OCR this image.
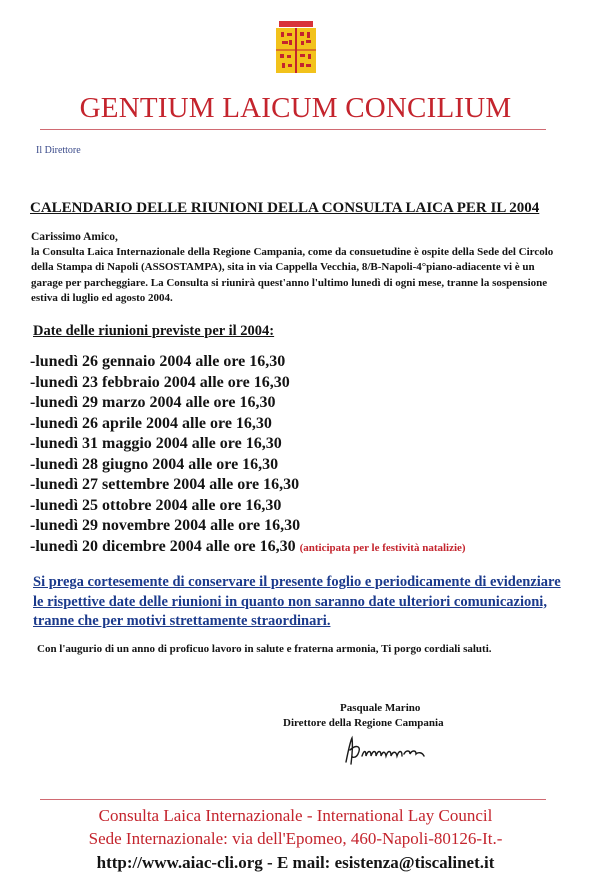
GENTIUM LAICUM CONCILIUM
Il Direttore
CALENDARIO DELLE RIUNIONI DELLA CONSULTA LAICA PER IL 2004
Carissimo Amico,
la Consulta Laica Internazionale della Regione Campania, come da consuetudine è ospite della Sede del Circolo della Stampa di Napoli (ASSOSTAMPA), sita in via Cappella Vecchia, 8/B-Napoli-4°piano-adiacente vi è un garage per parcheggiare. La Consulta si riunirà quest'anno l'ultimo lunedì di ogni mese, tranne la sospensione estiva di luglio ed agosto 2004.
Date delle riunioni previste per il 2004:
-lunedì 26 gennaio 2004 alle ore 16,30
-lunedì 23 febbraio 2004 alle ore 16,30
-lunedì 29 marzo 2004 alle ore 16,30
-lunedì 26 aprile 2004 alle ore 16,30
-lunedì 31 maggio 2004 alle ore 16,30
-lunedì 28 giugno 2004 alle ore 16,30
-lunedì 27 settembre 2004 alle ore 16,30
-lunedì 25 ottobre 2004 alle ore 16,30
-lunedì 29 novembre 2004 alle ore 16,30
-lunedì 20 dicembre 2004 alle ore 16,30 (anticipata per le festività natalizie)
Si prega cortesemente di conservare il presente foglio e periodicamente di evidenziare le rispettive date delle riunioni in quanto non saranno date ulteriori comunicazioni, tranne che per motivi strettamente straordinari.
Con l'augurio di un anno di proficuo lavoro in salute e fraterna armonia, Ti porgo cordiali saluti.
Pasquale Marino
Direttore della Regione Campania
Consulta Laica Internazionale - International Lay Council
Sede Internazionale: via dell'Epomeo, 460-Napoli-80126-It.-
http://www.aiac-cli.org - E mail: esistenza@tiscalinet.it
